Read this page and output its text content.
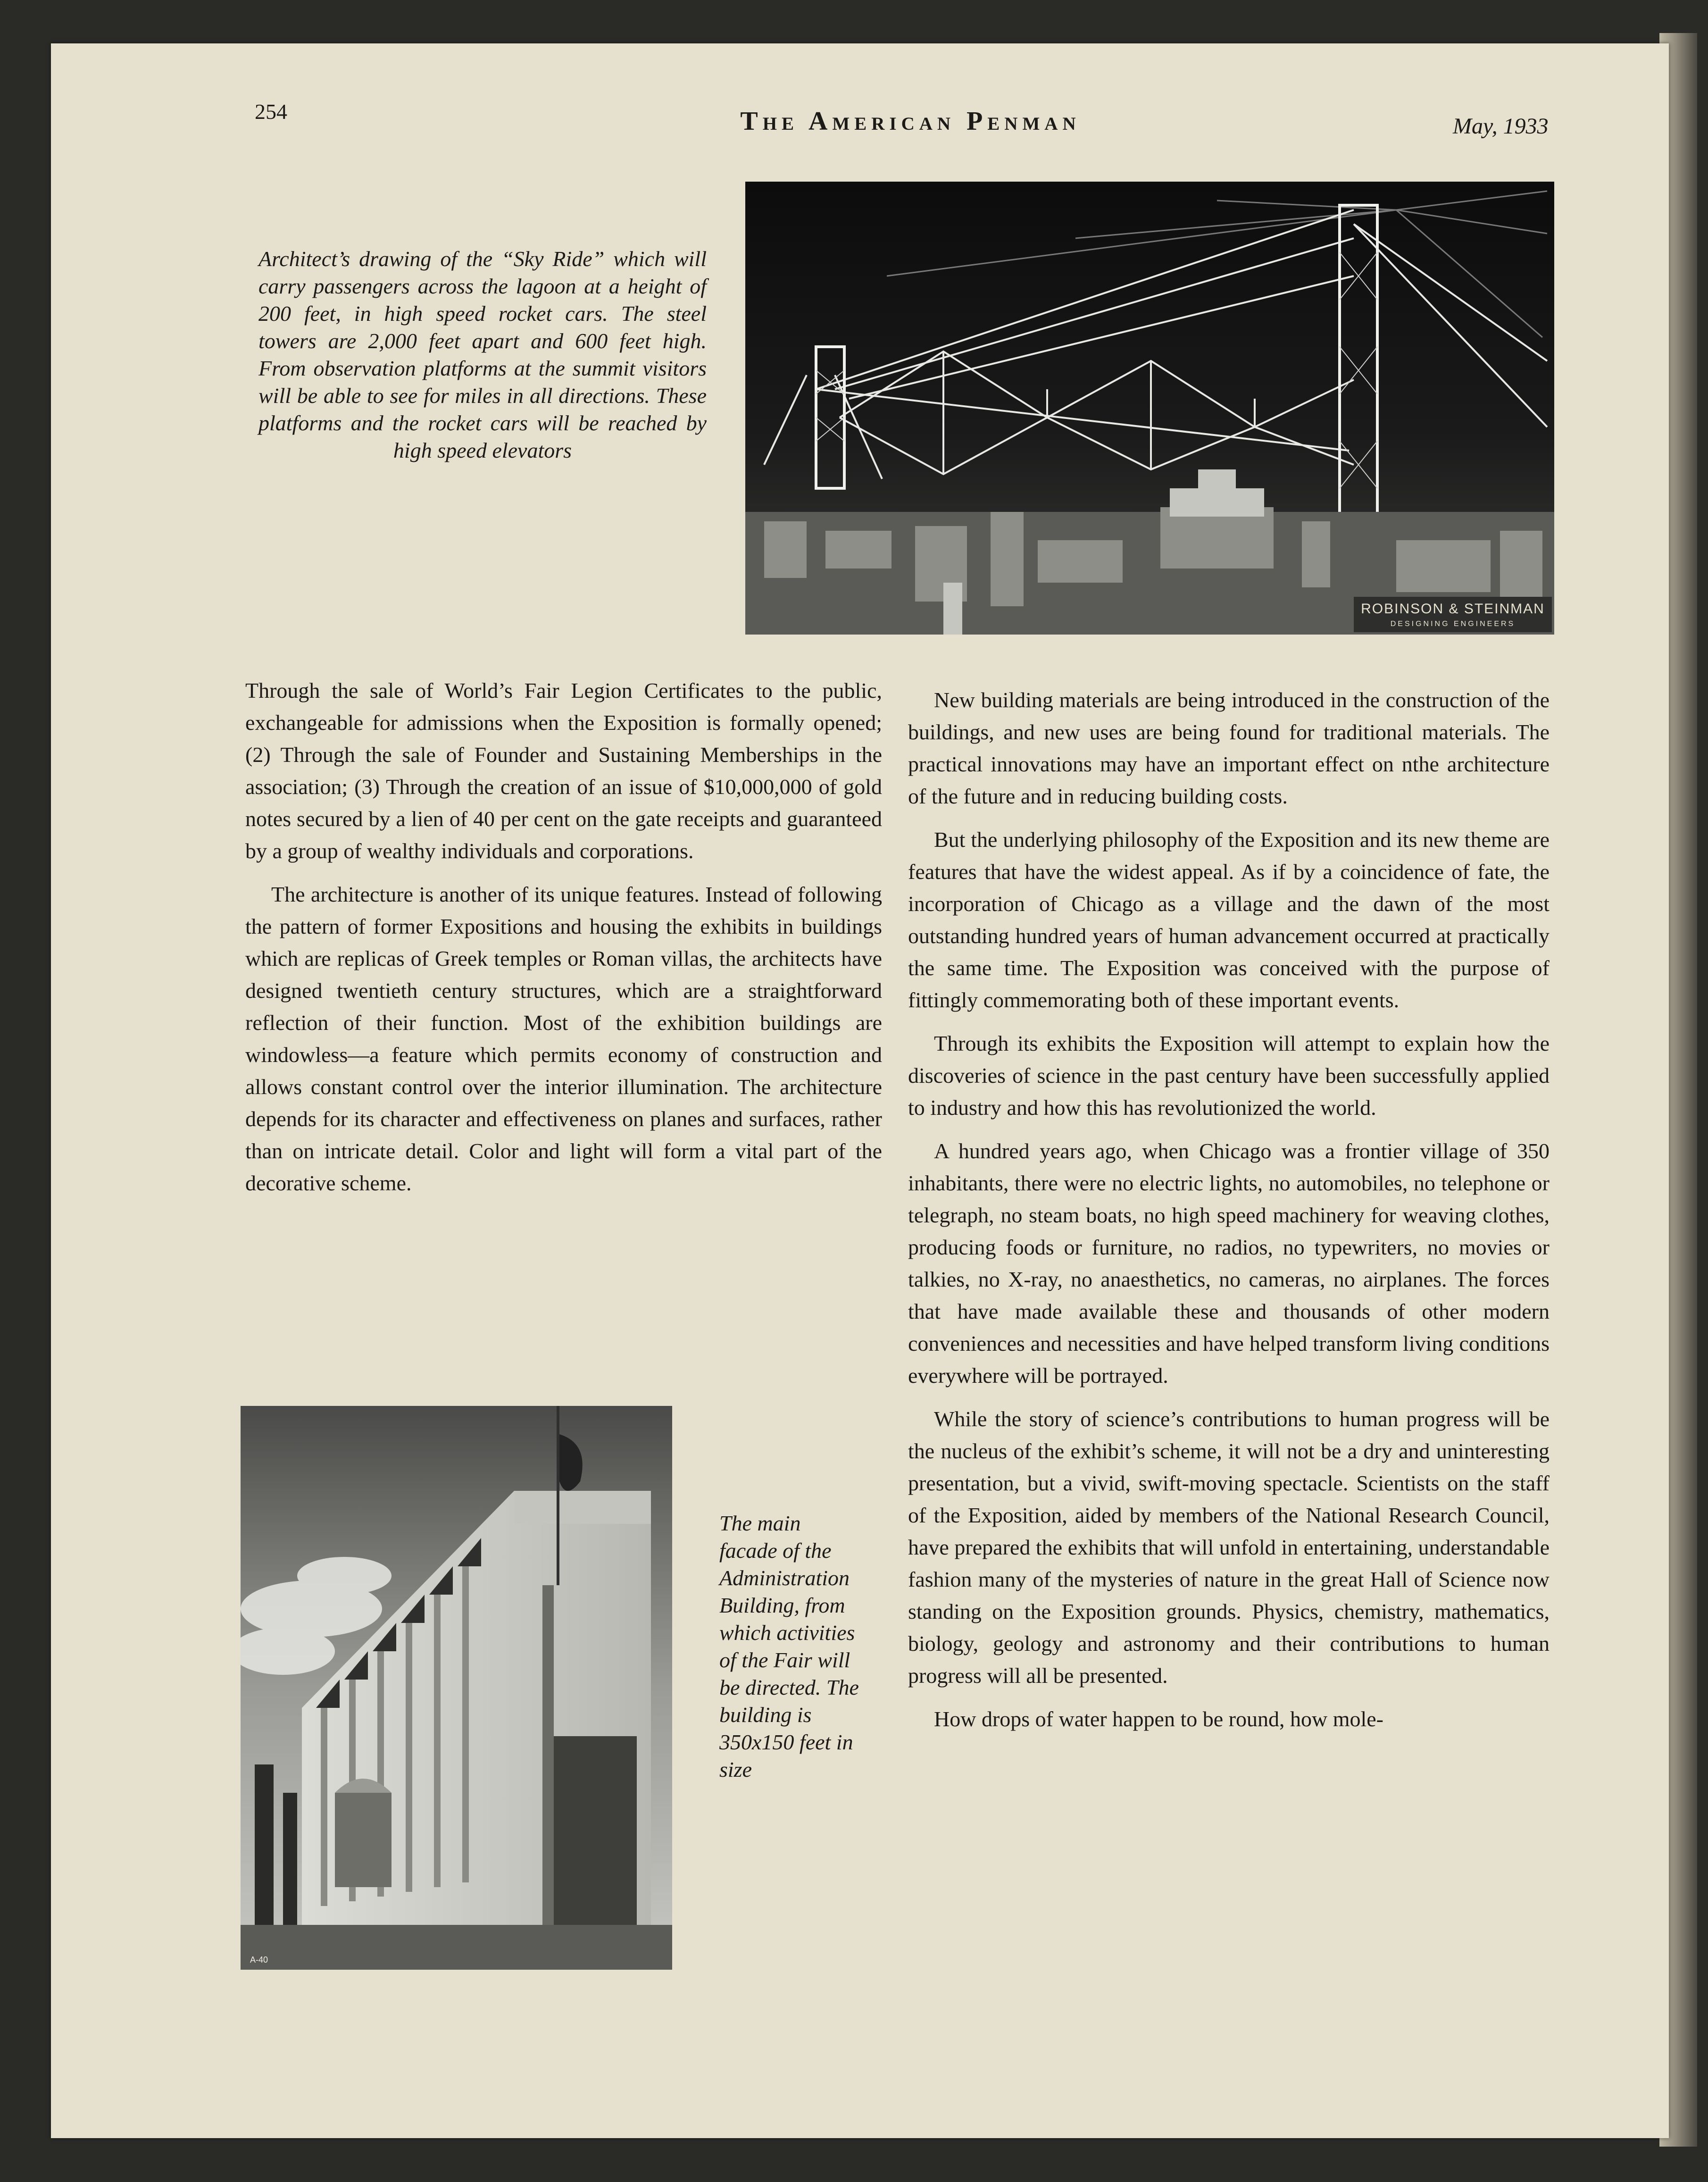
254	The American Penman	May, 1933
Architect’s drawing of the “Sky Ride” which will carry passengers across the lagoon at a height of 200 feet, in high speed rocket cars. The steel towers are 2,000 feet apart and 600 feet high. From observation platforms at the summit visitors will be able to see for miles in all directions. These platforms and the rocket cars will be reached by high speed elevators
ROBINSON & STEINMAN
DESIGNING ENGINEERS

Through the sale of World’s Fair Legion Certificates to the public, exchangeable for admissions when the Exposition is formally opened; (2) Through the sale of Founder and Sustaining Memberships in the association; (3) Through the creation of an issue of $10,000,000 of gold notes secured by a lien of 40 per cent on the gate receipts and guaranteed by a group of wealthy individuals and corporations.

The architecture is another of its unique features. Instead of following the pattern of former Expositions and housing the exhibits in buildings which are replicas of Greek temples or Roman villas, the architects have designed twentieth century structures, which are a straightforward reflection of their function. Most of the exhibition buildings are windowless—a feature which permits economy of construction and allows constant control over the interior illumination. The architecture depends for its character and effectiveness on planes and surfaces, rather than on intricate detail. Color and light will form a vital part of the decorative scheme.

A-40
The main facade of the Administration Building, from which activities of the Fair will be directed. The building is 350x150 feet in size

New building materials are being introduced in the construction of the buildings, and new uses are being found for traditional materials. The practical innovations may have an important effect on nthe architecture of the future and in reducing building costs.

But the underlying philosophy of the Exposition and its new theme are features that have the widest appeal. As if by a coincidence of fate, the incorporation of Chicago as a village and the dawn of the most outstanding hundred years of human advancement occurred at practically the same time. The Exposition was conceived with the purpose of fittingly commemorating both of these important events.

Through its exhibits the Exposition will attempt to explain how the discoveries of science in the past century have been successfully applied to industry and how this has revolutionized the world.

A hundred years ago, when Chicago was a frontier village of 350 inhabitants, there were no electric lights, no automobiles, no telephone or telegraph, no steam boats, no high speed machinery for weaving clothes, producing foods or furniture, no radios, no typewriters, no movies or talkies, no X-ray, no anaesthetics, no cameras, no airplanes. The forces that have made available these and thousands of other modern conveniences and necessities and have helped transform living conditions everywhere will be portrayed.

While the story of science’s contributions to human progress will be the nucleus of the exhibit’s scheme, it will not be a dry and uninteresting presentation, but a vivid, swift-moving spectacle. Scientists on the staff of the Exposition, aided by members of the National Research Council, have prepared the exhibits that will unfold in entertaining, understandable fashion many of the mysteries of nature in the great Hall of Science now standing on the Exposition grounds. Physics, chemistry, mathematics, biology, geology and astronomy and their contributions to human progress will all be presented.

How drops of water happen to be round, how mole-
